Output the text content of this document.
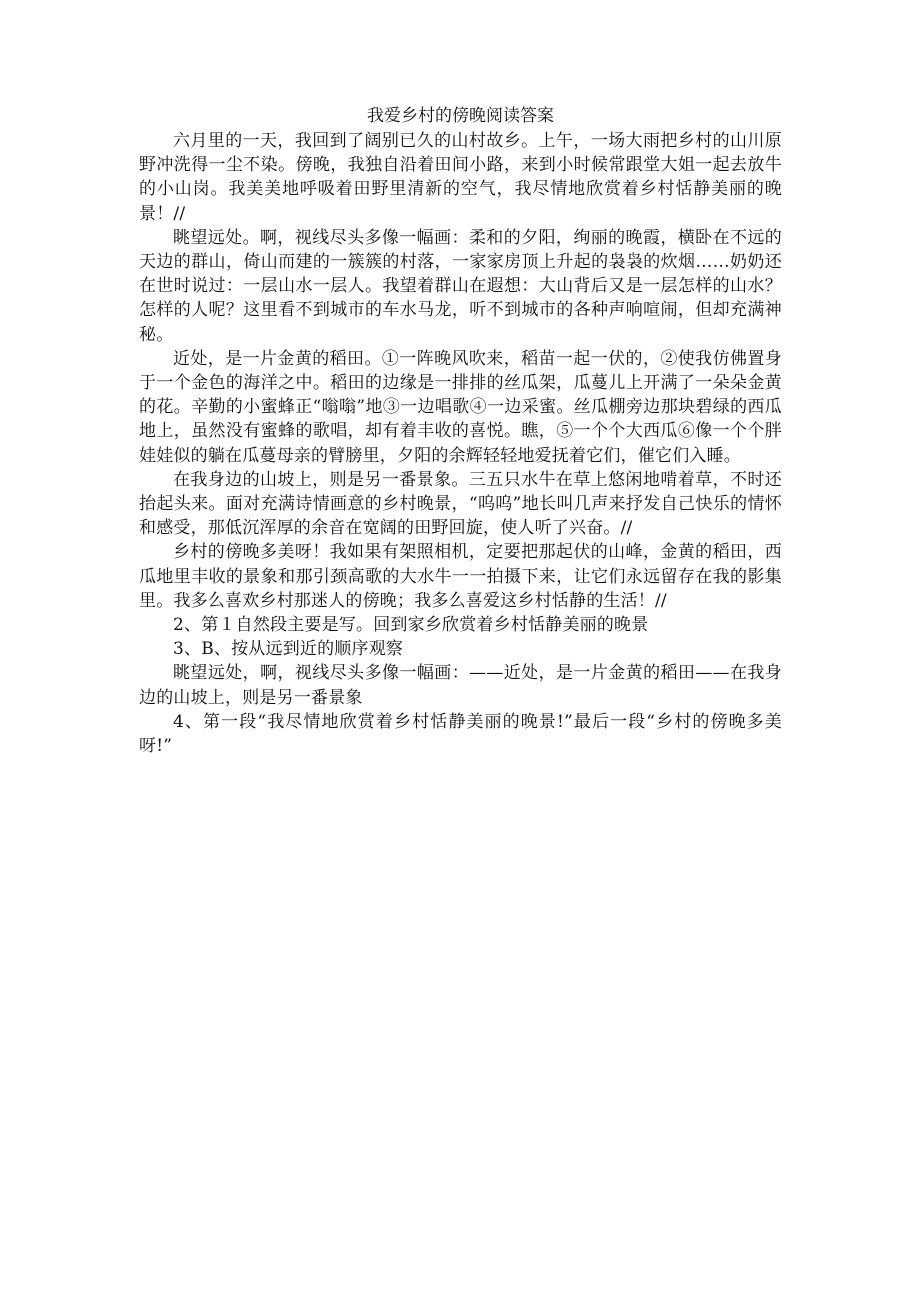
我爱乡村的傍晚阅读答案

六月里的一天，我回到了阔别已久的山村故乡。上午，一场大雨把乡村的山川原野冲洗得一尘不染。傍晚，我独自沿着田间小路，来到小时候常跟堂大姐一起去放牛的小山岗。我美美地呼吸着田野里清新的空气，我尽情地欣赏着乡村恬静美丽的晚景！//

眺望远处。啊，视线尽头多像一幅画：柔和的夕阳，绚丽的晚霞，横卧在不远的天边的群山，倚山而建的一簇簇的村落，一家家房顶上升起的袅袅的炊烟……奶奶还在世时说过：一层山水一层人。我望着群山在遐想：大山背后又是一层怎样的山水？怎样的人呢？这里看不到城市的车水马龙，听不到城市的各种声响喧闹，但却充满神秘。

近处，是一片金黄的稻田。①一阵晚风吹来，稻苗一起一伏的，②使我仿佛置身于一个金色的海洋之中。稻田的边缘是一排排的丝瓜架，瓜蔓儿上开满了一朵朵金黄的花。辛勤的小蜜蜂正“嗡嗡”地③一边唱歌④一边采蜜。丝瓜棚旁边那块碧绿的西瓜地上，虽然没有蜜蜂的歌唱，却有着丰收的喜悦。瞧，⑤一个个大西瓜⑥像一个个胖娃娃似的躺在瓜蔓母亲的臂膀里，夕阳的余辉轻轻地爱抚着它们，催它们入睡。

在我身边的山坡上，则是另一番景象。三五只水牛在草上悠闲地啃着草，不时还抬起头来。面对充满诗情画意的乡村晚景，“呜呜”地长叫几声来抒发自己快乐的情怀和感受，那低沉浑厚的余音在宽阔的田野回旋，使人听了兴奋。//

乡村的傍晚多美呀！我如果有架照相机，定要把那起伏的山峰，金黄的稻田，西瓜地里丰收的景象和那引颈高歌的大水牛一一拍摄下来，让它们永远留存在我的影集里。我多么喜欢乡村那迷人的傍晚；我多么喜爱这乡村恬静的生活！//

2、第１自然段主要是写。回到家乡欣赏着乡村恬静美丽的晚景

3、B、按从远到近的顺序观察

眺望远处，啊，视线尽头多像一幅画：——近处，是一片金黄的稻田——在我身边的山坡上，则是另一番景象

4、第一段“我尽情地欣赏着乡村恬静美丽的晚景!”最后一段“乡村的傍晚多美呀!”
